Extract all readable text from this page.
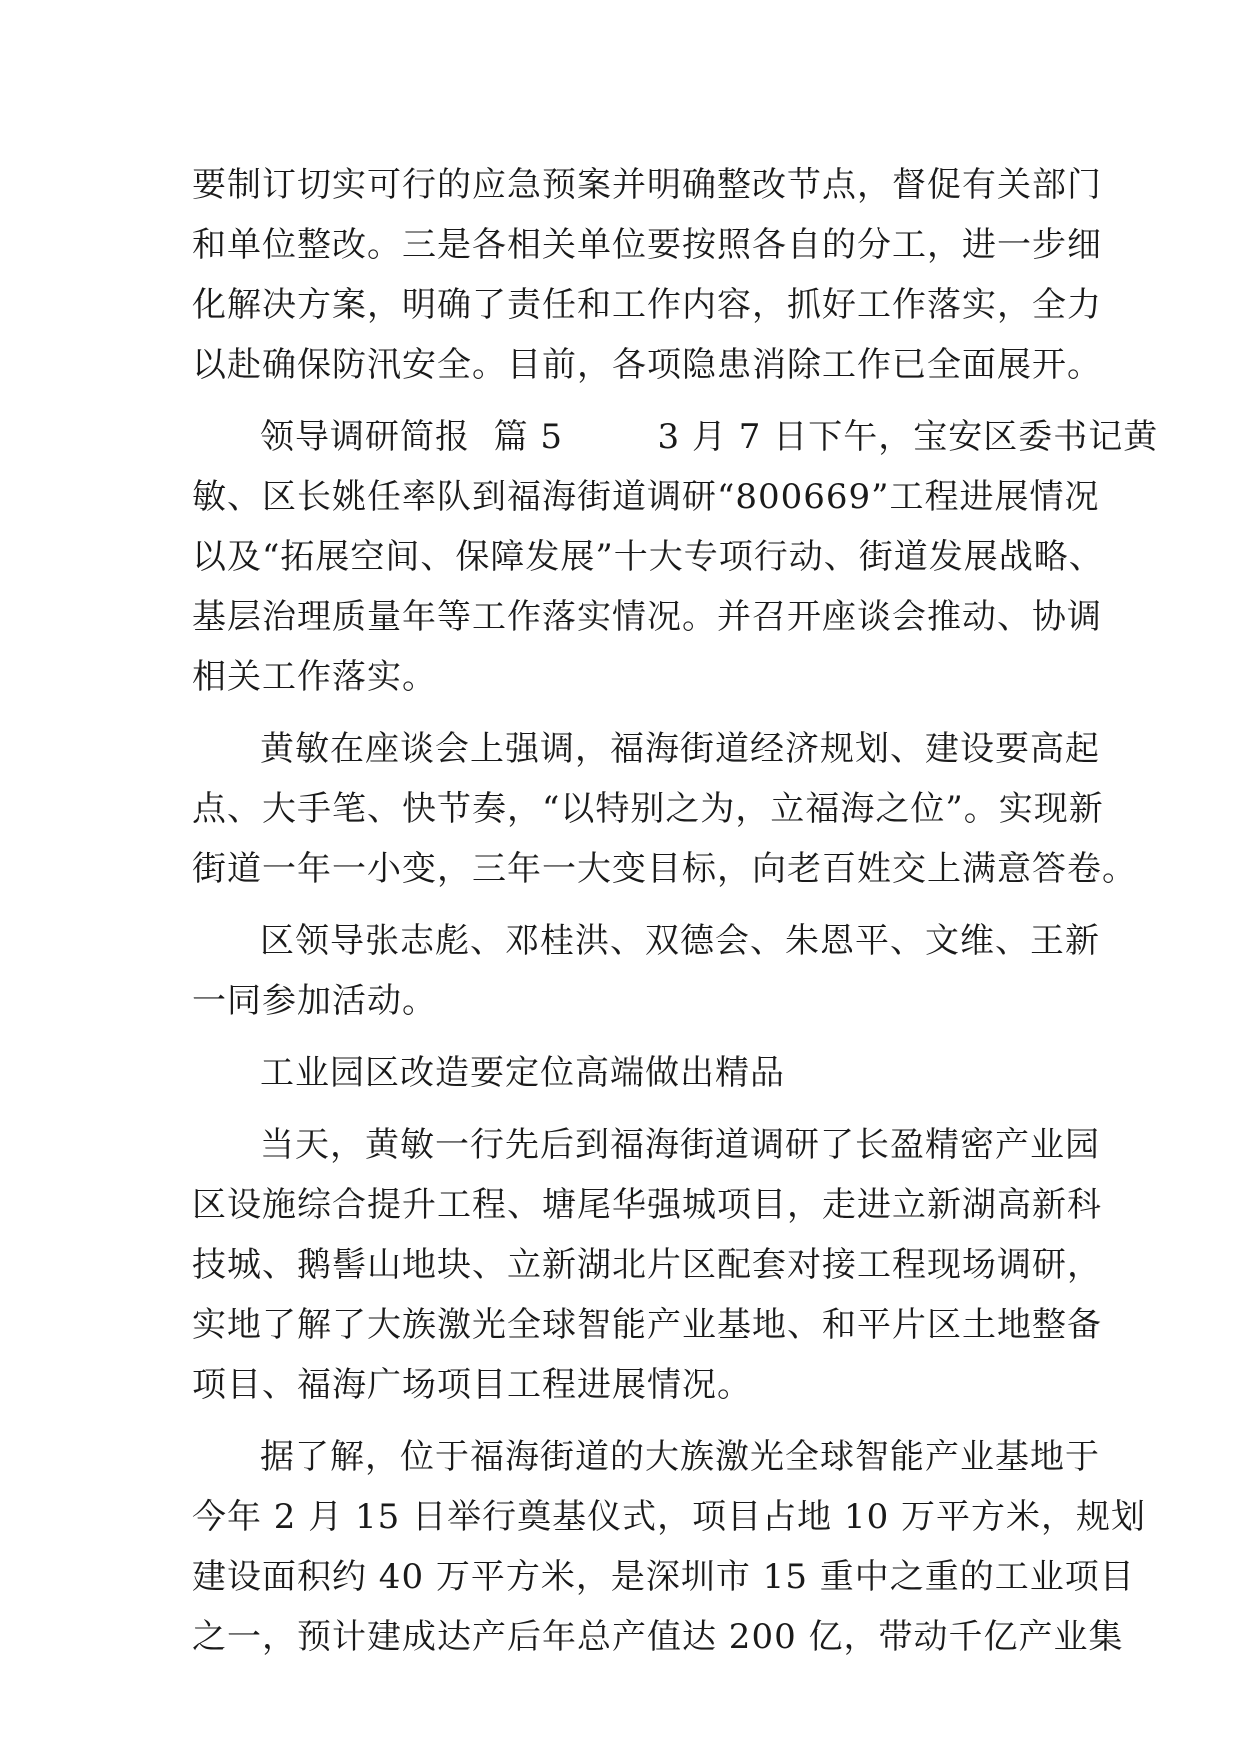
要制订切实可行的应急预案并明确整改节点，督促有关部门
和单位整改。三是各相关单位要按照各自的分工，进一步细
化解决方案，明确了责任和工作内容，抓好工作落实，全力
以赴确保防汛安全。目前，各项隐患消除工作已全面展开。
领导调研简报  篇 5        3 月 7 日下午，宝安区委书记黄
敏、区长姚任率队到福海街道调研“800669”工程进展情况
以及“拓展空间、保障发展”十大专项行动、街道发展战略、
基层治理质量年等工作落实情况。并召开座谈会推动、协调
相关工作落实。
黄敏在座谈会上强调，福海街道经济规划、建设要高起
点、大手笔、快节奏，“以特别之为，立福海之位”。实现新
街道一年一小变，三年一大变目标，向老百姓交上满意答卷。
区领导张志彪、邓桂洪、双德会、朱恩平、文维、王新
一同参加活动。
工业园区改造要定位高端做出精品
当天，黄敏一行先后到福海街道调研了长盈精密产业园
区设施综合提升工程、塘尾华强城项目，走进立新湖高新科
技城、鹅髻山地块、立新湖北片区配套对接工程现场调研，
实地了解了大族激光全球智能产业基地、和平片区土地整备
项目、福海广场项目工程进展情况。
据了解，位于福海街道的大族激光全球智能产业基地于
今年 2 月 15 日举行奠基仪式，项目占地 10 万平方米，规划
建设面积约 40 万平方米，是深圳市 15 重中之重的工业项目
之一，预计建成达产后年总产值达 200 亿，带动千亿产业集
